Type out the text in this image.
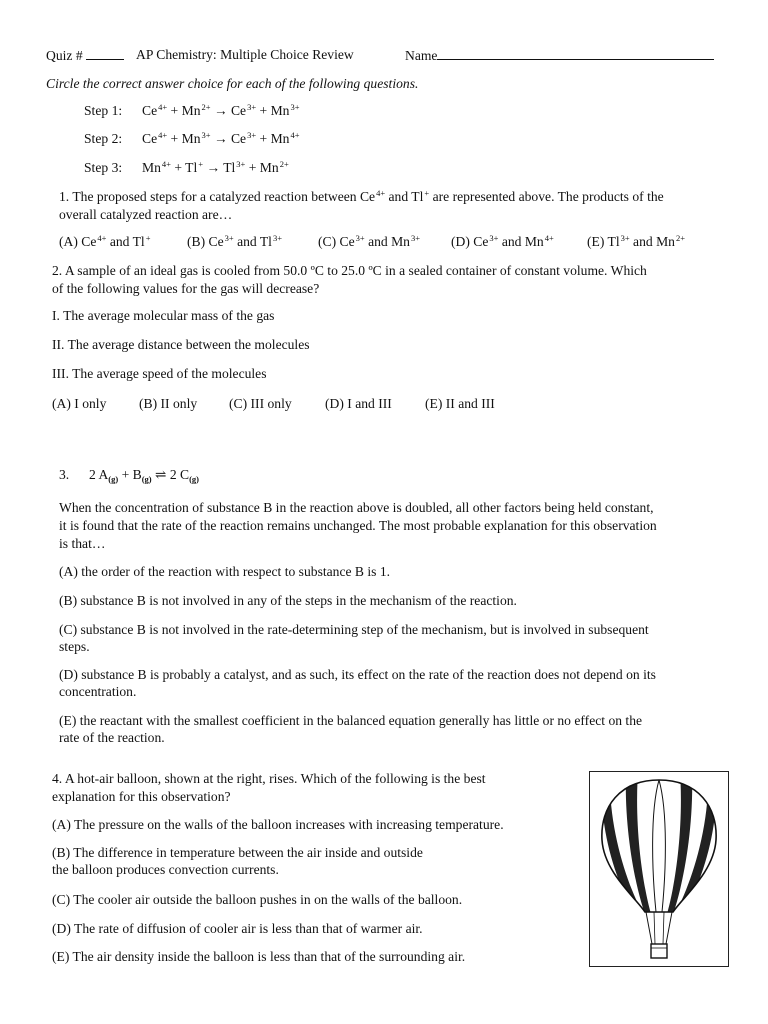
Quiz #	AP Chemistry: Multiple Choice Review	Name
Circle the correct answer choice for each of the following questions.
Step 1: $Ce^{4+} + Mn^{2+} \to Ce^{3+} + Mn^{3+}$
Step 2: $Ce^{4+} + Mn^{3+} \to Ce^{3+} + Mn^{4+}$
Step 3: $Mn^{4+} + Tl^+ \to Tl^{3+} + Mn^{2+}$
1. The proposed steps for a catalyzed reaction between $Ce^{4+}$ and Tl+ are represented above. The products of the
overall catalyzed reaction are…
(A) $Ce^{4+}$ and Tl+	(B) $Ce^{3+}$ and $Tl^{3+}$	(C) $Ce^{3+}$ and $Mn^{3+}$ (D) $Ce^{3+}$ and $Mn^{4+}$ (E) $Tl^{3+}$ and $Mn^{2+}$
2. A sample of an ideal gas is cooled from 50.0 ºC to 25.0 ºC in a sealed container of constant volume. Which
of the following values for the gas will decrease?
I. The average molecular mass of the gas
II. The average distance between the molecules
III. The average speed of the molecules
(A) I only (B) II only (C) III only (D) I and III (E) II and III
3. 2 $A_{(g)} + B_{(g)}$ ⇌ 2 $C_{(g)}$
When the concentration of substance B in the reaction above is doubled, all other factors being held constant,
it is found that the rate of the reaction remains unchanged. The most probable explanation for this observation
is that…
(A) the order of the reaction with respect to substance B is 1.
(B) substance B is not involved in any of the steps in the mechanism of the reaction.
(C) substance B is not involved in the rate-determining step of the mechanism, but is involved in subsequent
steps.
(D) substance B is probably a catalyst, and as such, its effect on the rate of the reaction does not depend on its
concentration.
(E) the reactant with the smallest coefficient in the balanced equation generally has little or no effect on the
rate of the reaction.
4. A hot-air balloon, shown at the right, rises. Which of the following is the best
explanation for this observation?
(A) The pressure on the walls of the balloon increases with increasing temperature.
(B) The difference in temperature between the air inside and outside
the balloon produces convection currents.
(C) The cooler air outside the balloon pushes in on the walls of the balloon.
(D) The rate of diffusion of cooler air is less than that of warmer air.
(E) The air density inside the balloon is less than that of the surrounding air.
